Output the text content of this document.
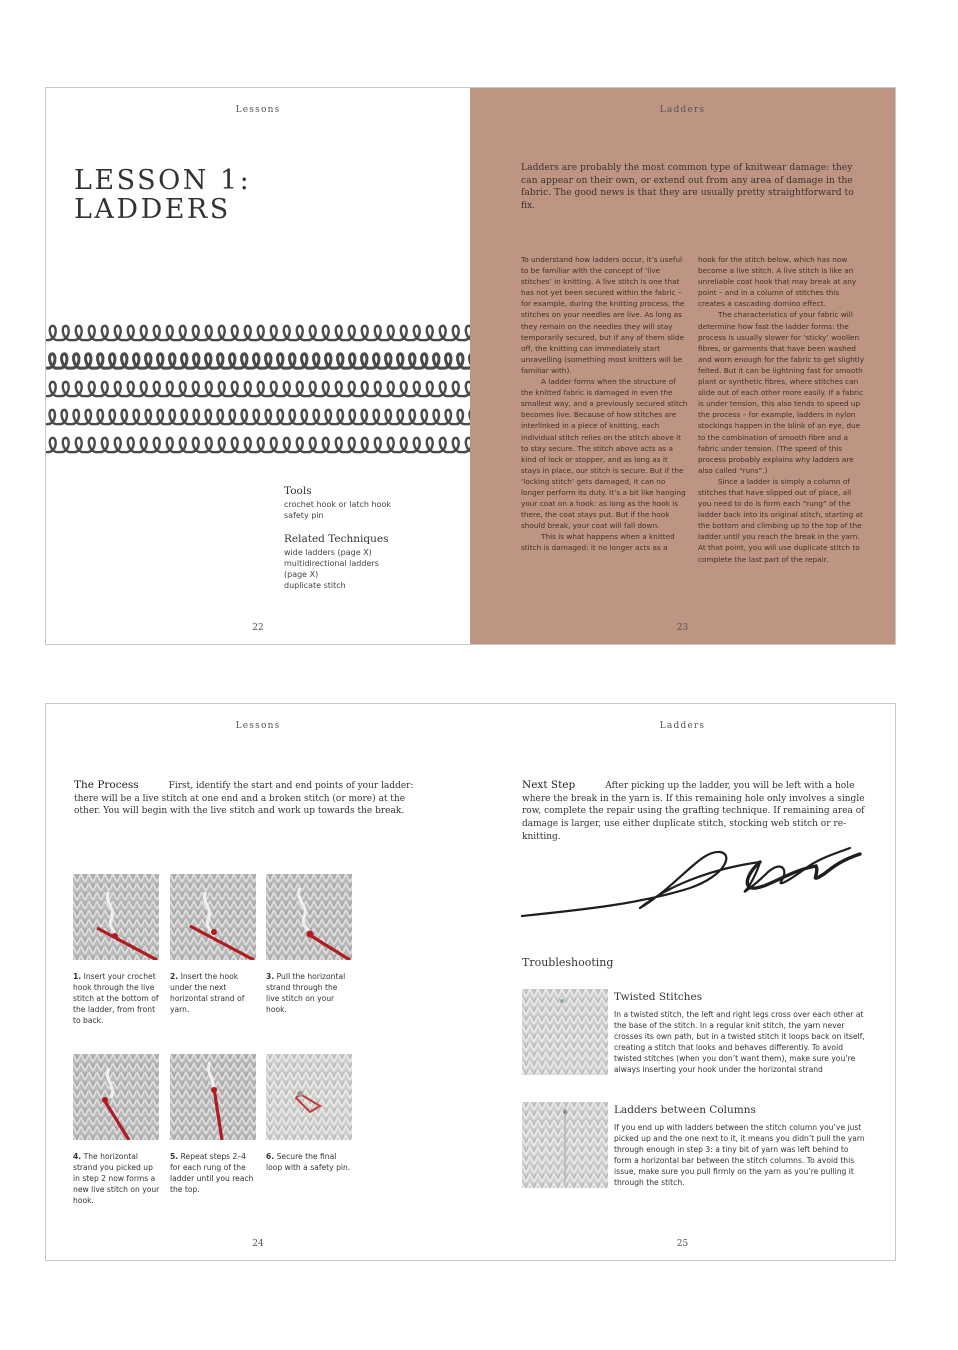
Lessons
LESSON 1:
LADDERS
Tools

crochet hook or latch hook

safety pin

Related Techniques

wide ladders (page X)

multidirectional ladders

(page X)

duplicate stitch

22
Ladders
Ladders are probably the most common type of knitwear damage: they can appear on their own, or extend out from any area of damage in the fabric. The good news is that they are usually pretty straightforward to fix.

To understand how ladders occur, it’s useful to be familiar with the concept of ‘live stitches’ in knitting. A live stitch is one that has not yet been secured within the fabric – for example, during the knitting process, the stitches on your needles are live. As long as they remain on the needles they will stay temporarily secured, but if any of them slide off, the knitting can immediately start unravelling (something most knitters will be familiar with).

A ladder forms when the structure of the knitted fabric is damaged in even the smallest way, and a previously secured stitch becomes live. Because of how stitches are interlinked in a piece of knitting, each individual stitch relies on the stitch above it to stay secure. The stitch above acts as a kind of lock or stopper, and as long as it stays in place, our stitch is secure. But if the ‘locking stitch’ gets damaged, it can no longer perform its duty. It’s a bit like hanging your coat on a hook: as long as the hook is there, the coat stays put. But if the hook should break, your coat will fall down.

This is what happens when a knitted stitch is damaged: it no longer acts as a

hook for the stitch below, which has now become a live stitch. A live stitch is like an unreliable coat hook that may break at any point – and in a column of stitches this creates a cascading domino effect.

The characteristics of your fabric will determine how fast the ladder forms: the process is usually slower for ‘sticky’ woollen fibres, or garments that have been washed and worn enough for the fabric to get slightly felted. But it can be lightning fast for smooth plant or synthetic fibres, where stitches can slide out of each other more easily. If a fabric is under tension, this also tends to speed up the process – for example, ladders in nylon stockings happen in the blink of an eye, due to the combination of smooth fibre and a fabric under tension. (The speed of this process probably explains why ladders are also called “runs”.)

Since a ladder is simply a column of stitches that have slipped out of place, all you need to do is form each “rung” of the ladder back into its original stitch, starting at the bottom and climbing up to the top of the ladder until you reach the break in the yarn. At that point, you will use duplicate stitch to complete the last part of the repair.

23
Lessons
The Process	First, identify the start and end points of your ladder: there will be a live stitch at one end and a broken stitch (or more) at the other. You will begin with the live stitch and work up towards the break.

1. Insert your crochet hook through the live stitch at the bottom of the ladder, from front to back.

2. Insert the hook under the next horizontal strand of yarn.

3. Pull the horizontal strand through the live stitch on your hook.

4. The horizontal strand you picked up in step 2 now forms a new live stitch on your hook.

5. Repeat steps 2–4 for each rung of the ladder until you reach the top.

6. Secure the final loop with a safety pin.

24
Ladders
Next Step	After picking up the ladder, you will be left with a hole where the break in the yarn is. If this remaining hole only involves a single row, complete the repair using the grafting technique. If remaining area of damage is larger, use either duplicate stitch, stocking web stitch or re-knitting.
Troubleshooting
Twisted Stitches

In a twisted stitch, the left and right legs cross over each other at the base of the stitch. In a regular knit stitch, the yarn never crosses its own path, but in a twisted stitch it loops back on itself, creating a stitch that looks and behaves differently. To avoid twisted stitches (when you don’t want them), make sure you’re always inserting your hook under the horizontal strand

Ladders between Columns

If you end up with ladders between the stitch column you’ve just picked up and the one next to it, it means you didn’t pull the yarn through enough in step 3: a tiny bit of yarn was left behind to form a horizontal bar between the stitch columns. To avoid this issue, make sure you pull firmly on the yarn as you’re pulling it through the stitch.

25
